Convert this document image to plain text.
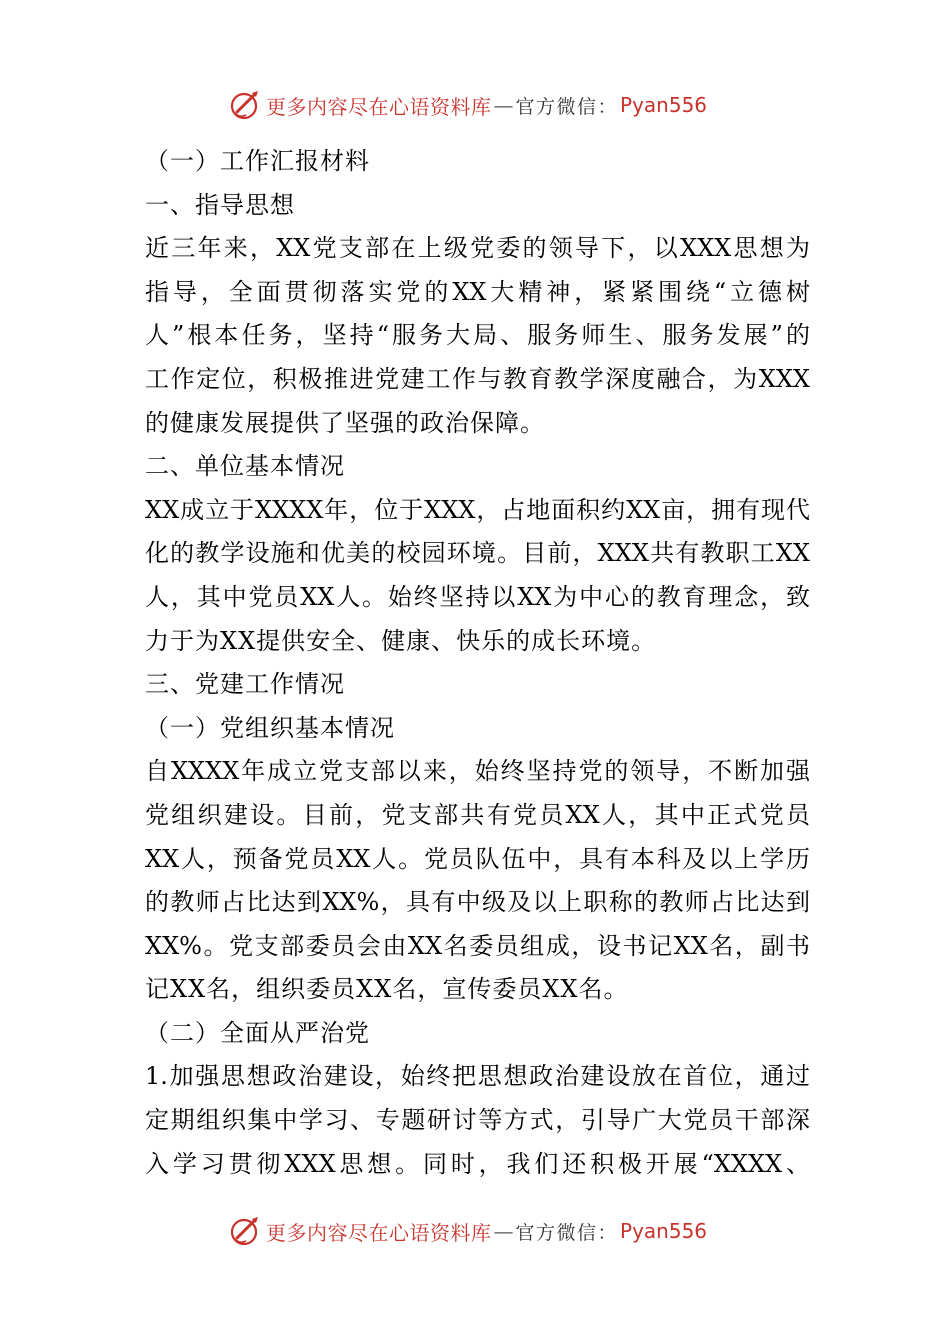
更多内容尽在心语资料库 — 官方微信： Pyan556
（一）工作汇报材料
一、指导思想
近三年来，XX党支部在上级党委的领导下，以XXX思想为
指导，全面贯彻落实党的XX大精神，紧紧围绕“立德树
人”根本任务，坚持“服务大局、服务师生、服务发展”的
工作定位，积极推进党建工作与教育教学深度融合，为XXX
的健康发展提供了坚强的政治保障。
二、单位基本情况
XX成立于XXXX年，位于XXX，占地面积约XX亩，拥有现代
化的教学设施和优美的校园环境。目前，XXX共有教职工XX
人，其中党员XX人。始终坚持以XX为中心的教育理念，致
力于为XX提供安全、健康、快乐的成长环境。
三、党建工作情况
（一）党组织基本情况
自XXXX年成立党支部以来，始终坚持党的领导，不断加强
党组织建设。目前，党支部共有党员XX人，其中正式党员
XX人，预备党员XX人。党员队伍中，具有本科及以上学历
的教师占比达到XX%，具有中级及以上职称的教师占比达到
XX%。党支部委员会由XX名委员组成，设书记XX名，副书
记XX名，组织委员XX名，宣传委员XX名。
（二）全面从严治党
1.加强思想政治建设，始终把思想政治建设放在首位，通过
定期组织集中学习、专题研讨等方式，引导广大党员干部深
入学习贯彻XXX思想。同时，我们还积极开展“XXXX、
更多内容尽在心语资料库 — 官方微信： Pyan556
